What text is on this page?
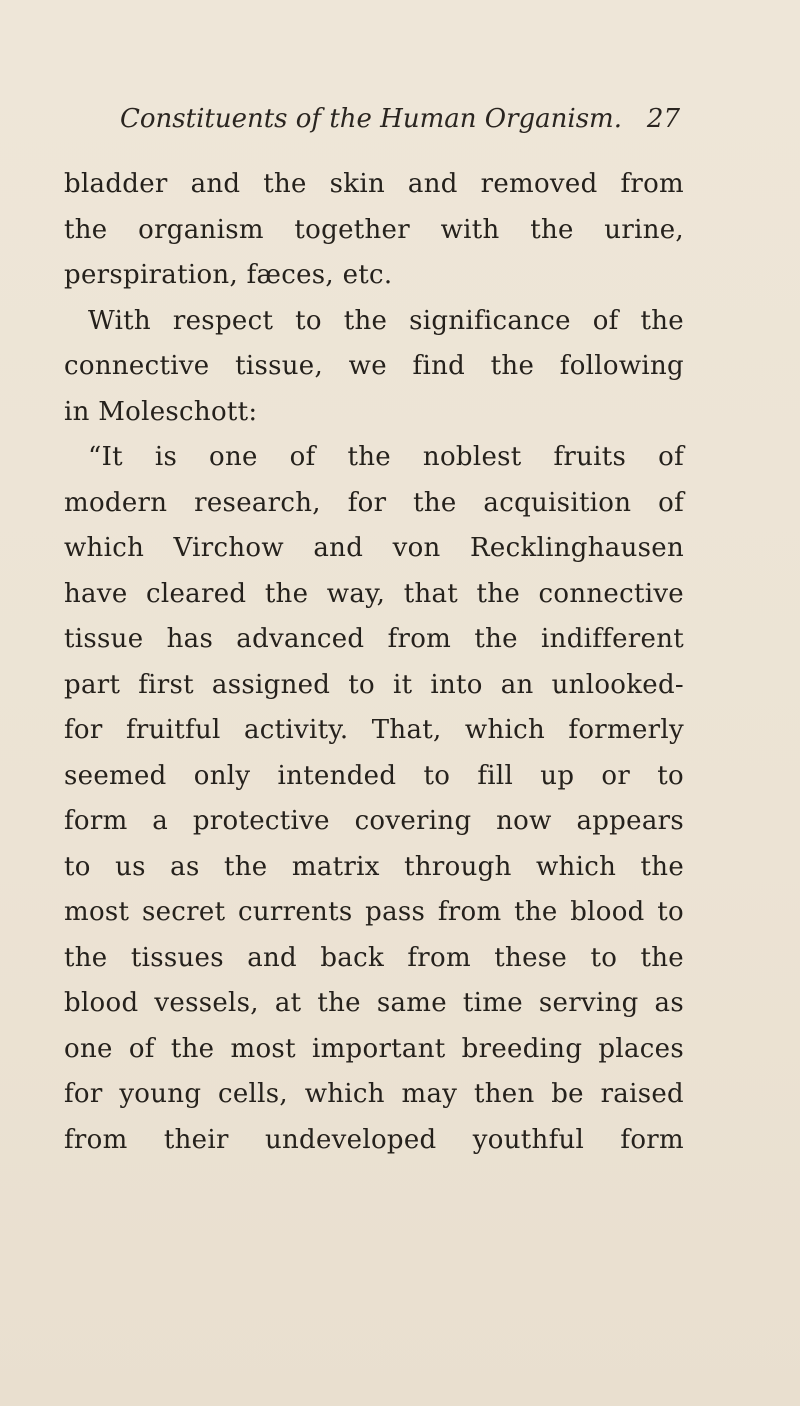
Constituents of the Human Organism. 27
bladder and the skin and removed from
the organism together with the urine,
perspiration, fæces, etc.
With respect to the significance of the
connective tissue, we find the following
in Moleschott:
“It is one of the noblest fruits of
modern research, for the acquisition of
which Virchow and von Recklinghausen
have cleared the way, that the connective
tissue has advanced from the indifferent
part first assigned to it into an unlooked-
for fruitful activity. That, which formerly
seemed only intended to fill up or to
form a protective covering now appears
to us as the matrix through which the
most secret currents pass from the blood to
the tissues and back from these to the
blood vessels, at the same time serving as
one of the most important breeding places
for young cells, which may then be raised
from their undeveloped youthful form
